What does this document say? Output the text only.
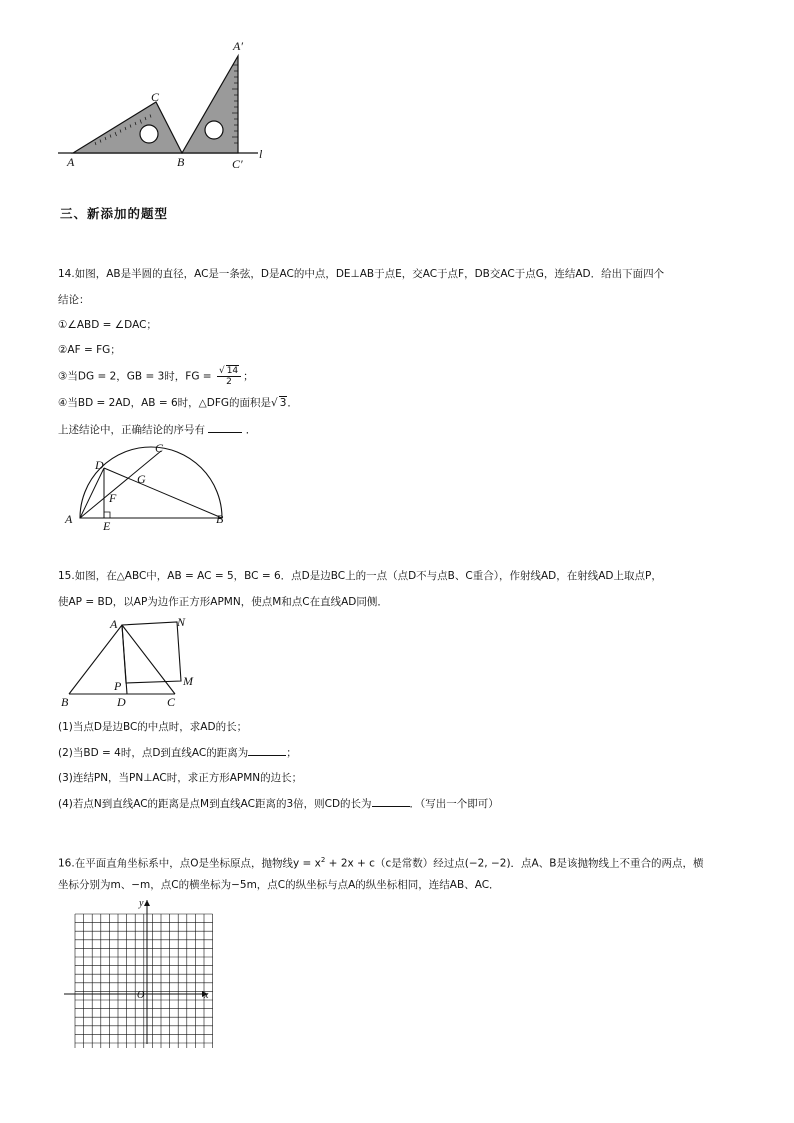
A	B
C
A′
C′
l
三、新添加的题型
14.如图，AB是半圆的直径，AC是一条弦，D是AC的中点，DE⊥AB于点E，交AC于点F，DB交AC于点G，连结AD．给出下面四个
结论：
①∠ABD = ∠DAC；
②AF = FG；
③当DG = 2，GB = 3时，FG = $\frac{√ 14}{2}$ ；
④当BD = 2AD，AB = 6时，△DFG的面积是√ 3．
上述结论中，正确结论的序号有	．
A	B
C
D
E
F
G
15.如图，在△ABC中，AB = AC = 5，BC = 6．点D是边BC上的一点（点D不与点B、C重合），作射线AD，在射线AD上取点P，
使AP = BD，以AP为边作正方形APMN，使点M和点C在直线AD同侧．
A
B	C
D
M
N
P
(1)当点D是边BC的中点时，求AD的长；
(2)当BD = 4时，点D到直线AC的距离为	；
(3)连结PN，当PN⊥AC时，求正方形APMN的边长；
(4)若点N到直线AC的距离是点M到直线AC距离的3倍，则CD的长为	．（写出一个即可）
16.在平面直角坐标系中，点O是坐标原点，抛物线$y = x^2 + 2x + c(c$是常数）经过点(−2, −2)．点A、B是该抛物线上不重合的两点，横
坐标分别为m、−m，点C的横坐标为−5m，点C的纵坐标与点A的纵坐标相同，连结AB、AC．
x
y
O
